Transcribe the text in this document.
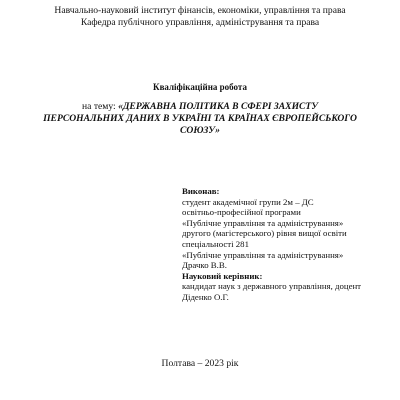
Навчально-науковий інститут фінансів, економіки, управління та права
Кафедра публічного управління, адміністрування та права
Кваліфікаційна робота
на тему: «ДЕРЖАВНА ПОЛІТИКА В СФЕРІ ЗАХИСТУ
ПЕРСОНАЛЬНИХ ДАНИХ В УКРАЇНІ ТА КРАЇНАХ ЄВРОПЕЙСЬКОГО
СОЮЗУ»
Виконав:
студент академічної групи 2м – ДС
освітньо-професійної програми
«Публічне управління та адміністрування»
другого (магістерського) рівня вищої освіти
спеціальності 281
«Публічне управління та адміністрування»
Драчко В.В.
Науковий керівник:
кандидат наук з державного управління, доцент
Діденко О.Г.
Полтава – 2023 рік
